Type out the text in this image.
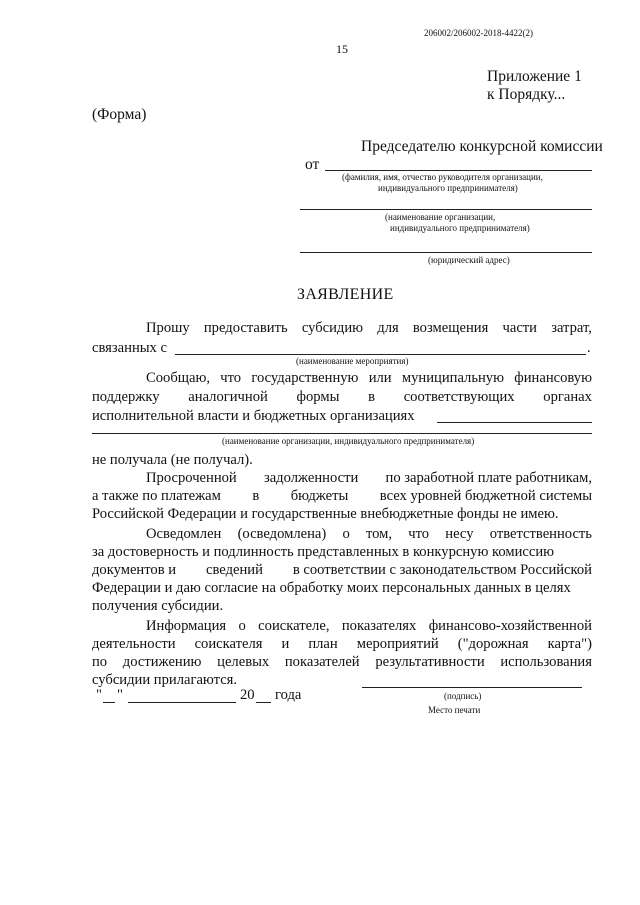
206002/206002-2018-4422(2)
15
Приложение 1
к Порядку...
(Форма)
Председателю конкурсной комиссии
от
(фамилия, имя, отчество руководителя организации,
индивидуального предпринимателя)
(наименование организации,
индивидуального предпринимателя)
(юридический адрес)
ЗАЯВЛЕНИЕ
Прошу предоставить субсидию для возмещения части затрат,
связанных с	.
(наименование мероприятия)
Сообщаю, что государственную или муниципальную финансовую
поддержку аналогичной формы в соответствующих органах
исполнительной власти и бюджетных организациях
(наименование организации, индивидуального предпринимателя)
не получала (не получал).
Просроченной задолженности по заработной плате работникам,
а также по платежам в бюджеты всех уровней бюджетной системы
Российской Федерации и государственные внебюджетные фонды не имею.
Осведомлен (осведомлена) о том, что несу ответственность
за достоверность и подлинность представленных в конкурсную комиссию
документов и сведений в соответствии с законодательством Российской
Федерации и даю согласие на обработку моих персональных данных в целях
получения субсидии.
Информация о соискателе, показателях финансово-хозяйственной
деятельности соискателя и план мероприятий ("дорожная карта")
по достижению целевых показателей результативности использования
субсидии прилагаются.
" "	20 года	(подпись)
Место печати
